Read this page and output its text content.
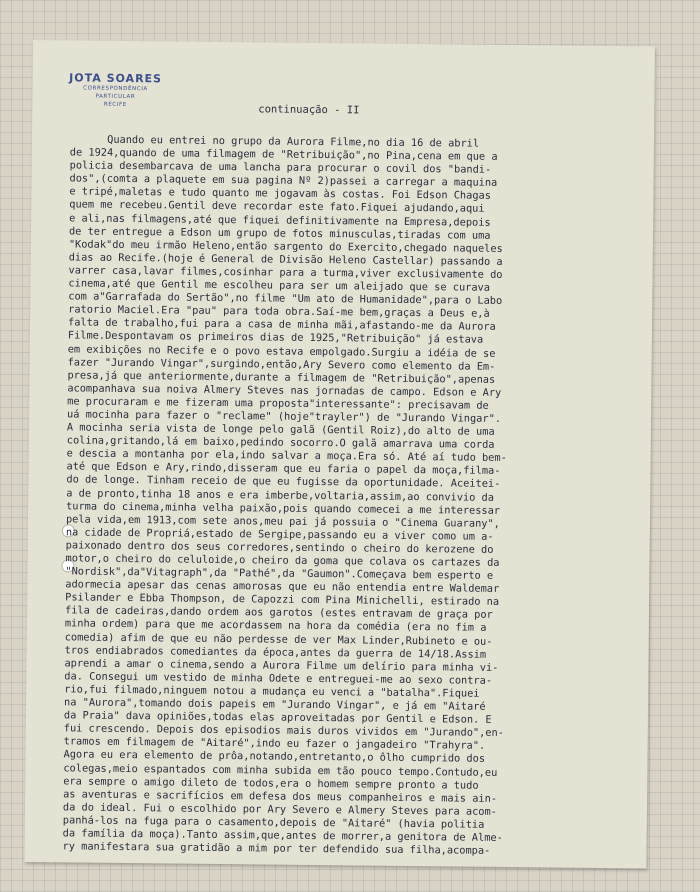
JOTA SOARES
CORRESPONDÊNCIA
PARTICULAR
RECIFE	continuação - II
Quando eu entrei no grupo da Aurora Filme,no dia 16 de abril
de 1924,quando de uma filmagem de "Retribuição",no Pina,cena em que a
policia desembarcava de uma lancha para procurar o covil dos "bandi-
dos",(comta a plaquete em sua pagina Nº 2)passei a carregar a maquina
e tripé,maletas e tudo quanto me jogavam às costas. Foi Edson Chagas
quem me recebeu.Gentil deve recordar este fato.Fiquei ajudando,aqui
e ali,nas filmagens,até que fiquei definitivamente na Empresa,depois
de ter entregue a Edson um grupo de fotos minusculas,tiradas com uma
"Kodak"do meu irmão Heleno,então sargento do Exercito,chegado naqueles
dias ao Recife.(hoje é General de Divisão Heleno Castellar) passando a
varrer casa,lavar filmes,cosinhar para a turma,viver exclusivamente do
cinema,até que Gentil me escolheu para ser um aleijado que se curava
com a"Garrafada do Sertão",no filme "Um ato de Humanidade",para o Labo
ratorio Maciel.Era "pau" para toda obra.Saí-me bem,graças a Deus e,à
falta de trabalho,fui para a casa de minha mãi,afastando-me da Aurora
Filme.Despontavam os primeiros dias de 1925,"Retribuição" já estava
em exibições no Recife e o povo estava empolgado.Surgiu a idéia de se
fazer "Jurando Vingar",surgindo,então,Ary Severo como elemento da Em-
presa,já que anteriormente,durante a filmagem de "Retribuição",apenas
acompanhava sua noiva Almery Steves nas jornadas de campo. Edson e Ary
me procuraram e me fizeram uma proposta"interessante": precisavam de
uá mocinha para fazer o "reclame" (hoje"trayler") de "Jurando Vingar".
A mocinha seria vista de longe pelo galã (Gentil Roiz),do alto de uma
colina,gritando,lá em baixo,pedindo socorro.O galã amarrava uma corda
e descia a montanha por ela,indo salvar a moça.Era só. Até aí tudo bem-
até que Edson e Ary,rindo,disseram que eu faria o papel da moça,filma-
do de longe. Tinham receio de que eu fugisse da oportunidade. Aceitei-
a de pronto,tinha 18 anos e era imberbe,voltaria,assim,ao convivio da
turma do cinema,minha velha paixão,pois quando comecei a me interessar
pela vida,em 1913,com sete anos,meu pai já possuia o "Cinema Guarany",
na cidade de Propriá,estado de Sergipe,passando eu a viver como um a-
paixonado dentro dos seus corredores,sentindo o cheiro do kerozene do
motor,o cheiro do celuloide,o cheiro da goma que colava os cartazes da
"Nordisk",da"Vitagraph",da "Pathé",da "Gaumon".Começava bem esperto e
adormecia apesar das cenas amorosas que eu não entendia entre Waldemar
Psilander e Ebba Thompson, de Capozzi com Pina Minichelli, estirado na
fila de cadeiras,dando ordem aos garotos (estes entravam de graça por
minha ordem) para que me acordassem na hora da comédia (era no fim a
comedia) afim de que eu não perdesse de ver Max Linder,Rubineto e ou-
tros endiabrados comediantes da época,antes da guerra de 14/18.Assim
aprendi a amar o cinema,sendo a Aurora Filme um delírio para minha vi-
da. Consegui um vestido de minha Odete e entreguei-me ao sexo contra-
rio,fui filmado,ninguem notou a mudança eu venci a "batalha".Fiquei
na "Aurora",tomando dois papeis em "Jurando Vingar", e já em "Aitaré
da Praia" dava opiniões,todas elas aproveitadas por Gentil e Edson. E
fui crescendo. Depois dos episodios mais duros vividos em "Jurando",en-
tramos em filmagem de "Aitaré",indo eu fazer o jangadeiro "Trahyra".
Agora eu era elemento de prôa,notando,entretanto,o ôlho cumprido dos
colegas,meio espantados com minha subida em tão pouco tempo.Contudo,eu
era sempre o amigo dileto de todos,era o homem sempre pronto a tudo
as aventuras e sacrifícios em defesa dos meus companheiros e mais ain-
da do ideal. Fui o escolhido por Ary Severo e Almery Steves para acom-
panhá-los na fuga para o casamento,depois de "Aitaré" (havia politia
da família da moça).Tanto assim,que,antes de morrer,a genitora de Alme-
ry manifestara sua gratidão a mim por ter defendido sua filha,acompa-
